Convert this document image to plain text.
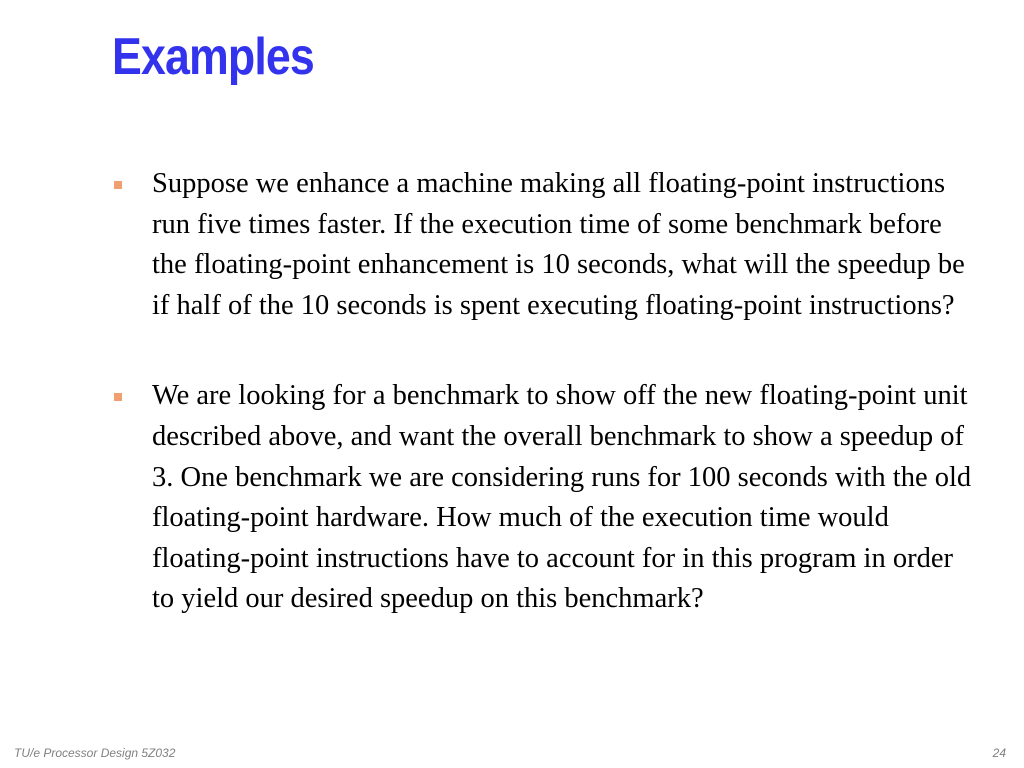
Examples
Suppose we enhance a machine making all floating-point instructions run five times faster. If the execution time of some benchmark before the floating-point enhancement is 10 seconds, what will the speedup be if half of the 10 seconds is spent executing floating-point instructions?
We are looking for a benchmark to show off the new floating-point unit described above, and want the overall benchmark to show a speedup of 3. One benchmark we are considering runs for 100 seconds with the old floating-point hardware. How much of the execution time would floating-point instructions have to account for in this program in order to yield our desired speedup on this benchmark?
TU/e Processor Design 5Z032	24
